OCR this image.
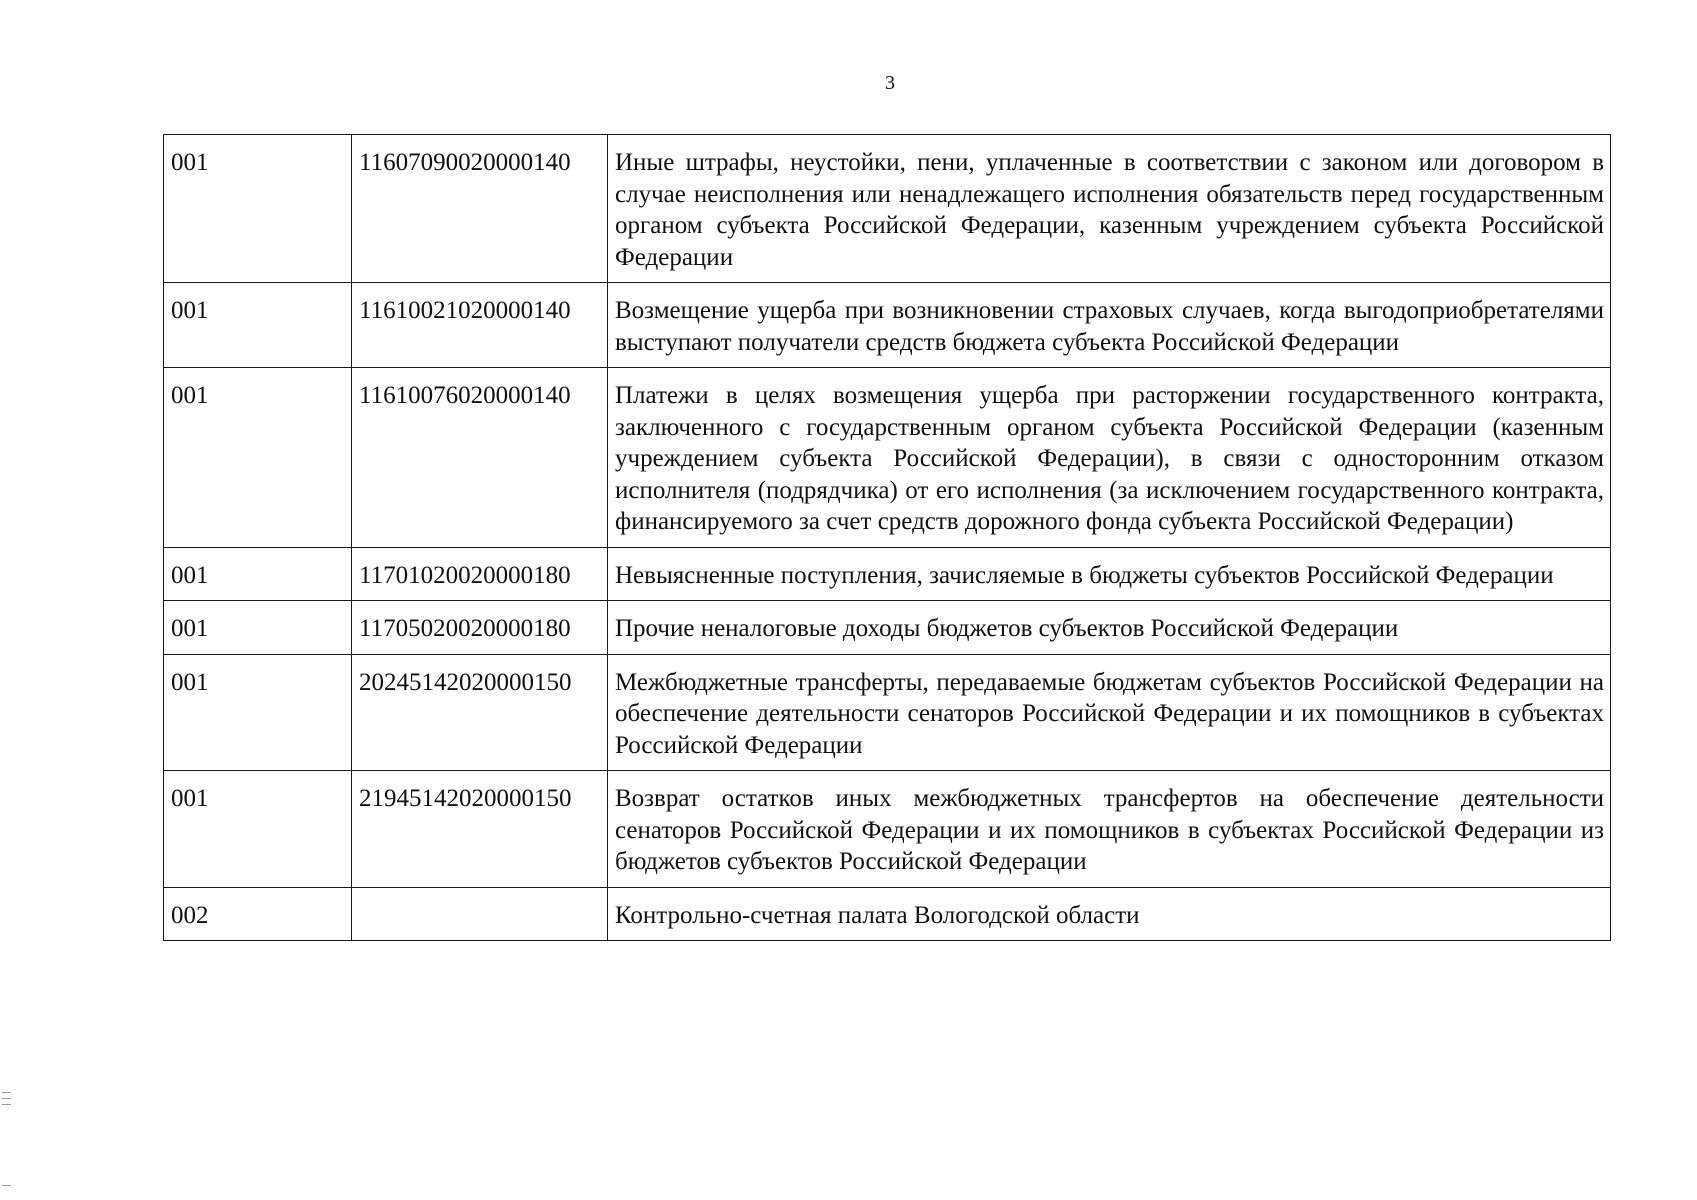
3
001	11607090020000140	Иные штрафы, неустойки, пени, уплаченные в соответствии с законом или договором в случае неисполнения или ненадлежащего исполнения обязательств перед государственным органом субъекта Российской Федерации, казенным учреждением субъекта Российской Федерации
001	11610021020000140	Возмещение ущерба при возникновении страховых случаев, когда выгодоприобретателями выступают получатели средств бюджета субъекта Российской Федерации
001	11610076020000140	Платежи в целях возмещения ущерба при расторжении государственного контракта, заключенного с государственным органом субъекта Российской Федерации (казенным учреждением субъекта Российской Федерации), в связи с односторонним отказом исполнителя (подрядчика) от его исполнения (за исключением государственного контракта, финансируемого за счет средств дорожного фонда субъекта Российской Федерации)
001	11701020020000180	Невыясненные поступления, зачисляемые в бюджеты субъектов Российской Федерации
001	11705020020000180	Прочие неналоговые доходы бюджетов субъектов Российской Федерации
001	20245142020000150	Межбюджетные трансферты, передаваемые бюджетам субъектов Российской Федерации на обеспечение деятельности сенаторов Российской Федерации и их помощников в субъектах Российской Федерации
001	21945142020000150	Возврат остатков иных межбюджетных трансфертов на обеспечение деятельности сенаторов Российской Федерации и их помощников в субъектах Российской Федерации из бюджетов субъектов Российской Федерации
002		Контрольно-счетная палата Вологодской области
